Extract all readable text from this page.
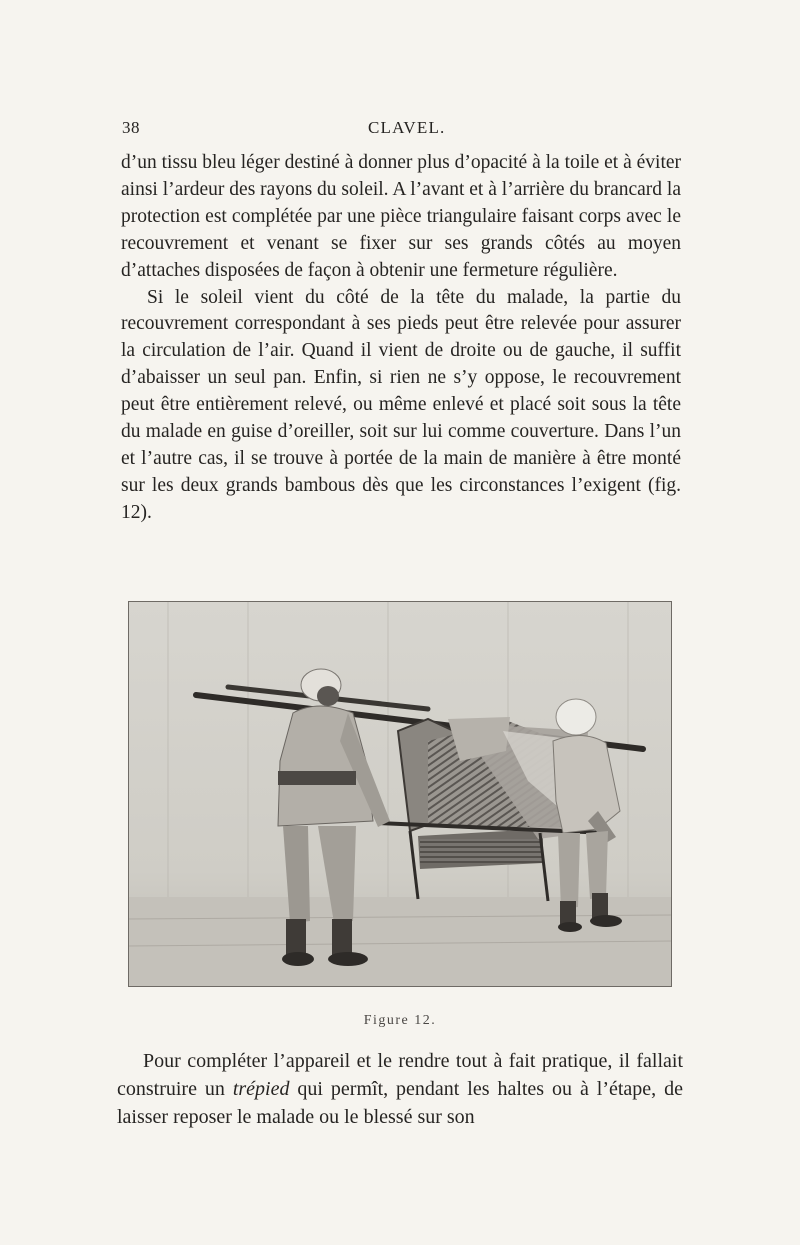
38	CLAVEL.

d’un tissu bleu léger destiné à donner plus d’opacité à la toile et à éviter ainsi l’ardeur des rayons du soleil. A l’avant et à l’arrière du brancard la protection est complétée par une pièce triangulaire faisant corps avec le recouvrement et venant se fixer sur ses grands côtés au moyen d’attaches disposées de façon à obtenir une fermeture régulière.

Si le soleil vient du côté de la tête du malade, la partie du recouvrement correspondant à ses pieds peut être relevée pour assurer la circulation de l’air. Quand il vient de droite ou de gauche, il suffit d’abaisser un seul pan. Enfin, si rien ne s’y oppose, le recouvrement peut être entièrement relevé, ou même enlevé et placé soit sous la tête du malade en guise d’oreiller, soit sur lui comme couverture. Dans l’un et l’autre cas, il se trouve à portée de la main de manière à être monté sur les deux grands bambous dès que les circonstances l’exigent (fig. 12).

Figure 12.

Pour compléter l’appareil et le rendre tout à fait pratique, il fallait construire un trépied qui permît, pendant les haltes ou à l’étape, de laisser reposer le malade ou le blessé sur son
